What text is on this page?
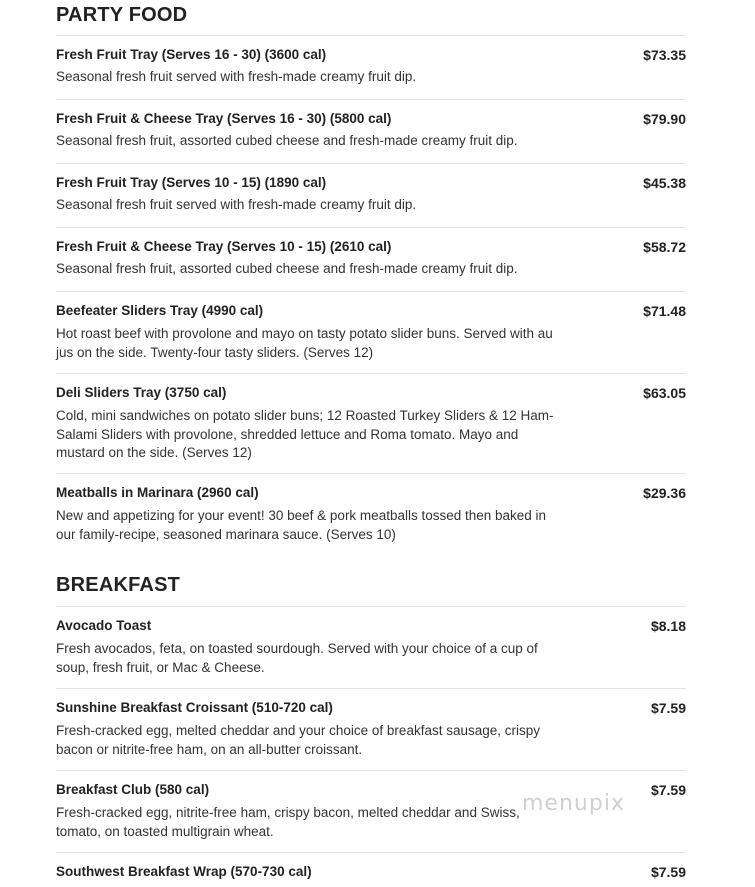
PARTY FOOD
Fresh Fruit Tray (Serves 16 - 30) (3600 cal)	$73.35
Seasonal fresh fruit served with fresh-made creamy fruit dip.
Fresh Fruit & Cheese Tray (Serves 16 - 30) (5800 cal)	$79.90
Seasonal fresh fruit, assorted cubed cheese and fresh-made creamy fruit dip.
Fresh Fruit Tray (Serves 10 - 15) (1890 cal)	$45.38
Seasonal fresh fruit served with fresh-made creamy fruit dip.
Fresh Fruit & Cheese Tray (Serves 10 - 15) (2610 cal)	$58.72
Seasonal fresh fruit, assorted cubed cheese and fresh-made creamy fruit dip.
Beefeater Sliders Tray (4990 cal)	$71.48
Hot roast beef with provolone and mayo on tasty potato slider buns. Served with au jus on the side. Twenty-four tasty sliders. (Serves 12)
Deli Sliders Tray (3750 cal)	$63.05
Cold, mini sandwiches on potato slider buns; 12 Roasted Turkey Sliders & 12 Ham-Salami Sliders with provolone, shredded lettuce and Roma tomato. Mayo and mustard on the side. (Serves 12)
Meatballs in Marinara (2960 cal)	$29.36
New and appetizing for your event! 30 beef & pork meatballs tossed then baked in our family-recipe, seasoned marinara sauce. (Serves 10)
BREAKFAST
Avocado Toast	$8.18
Fresh avocados, feta, on toasted sourdough. Served with your choice of a cup of soup, fresh fruit, or Mac & Cheese.
Sunshine Breakfast Croissant (510-720 cal)	$7.59
Fresh-cracked egg, melted cheddar and your choice of breakfast sausage, crispy bacon or nitrite-free ham, on an all-butter croissant.
Breakfast Club (580 cal)	$7.59
Fresh-cracked egg, nitrite-free ham, crispy bacon, melted cheddar and Swiss, tomato, on toasted multigrain wheat.
Southwest Breakfast Wrap (570-730 cal)	$7.59
menupix
